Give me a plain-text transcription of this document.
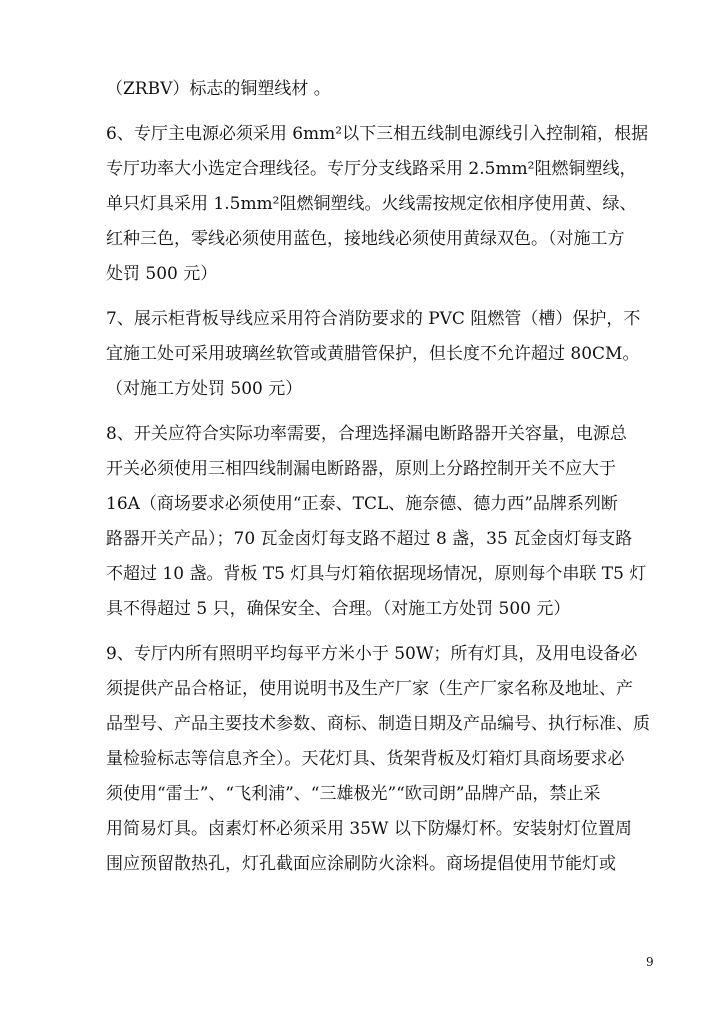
（ZRBV）标志的铜塑线材 。
6、专厅主电源必须采用 6mm²以下三相五线制电源线引入控制箱，根据
专厅功率大小选定合理线径。专厅分支线路采用 2.5mm²阻燃铜塑线，
单只灯具采用 1.5mm²阻燃铜塑线。火线需按规定依相序使用黄、绿、
红种三色，零线必须使用蓝色，接地线必须使用黄绿双色。（对施工方
处罚 500 元）
7、展示柜背板导线应采用符合消防要求的 PVC 阻燃管（槽）保护，不
宜施工处可采用玻璃丝软管或黄腊管保护，但长度不允许超过 80CM。
（对施工方处罚 500 元）
8、开关应符合实际功率需要，合理选择漏电断路器开关容量，电源总
开关必须使用三相四线制漏电断路器，原则上分路控制开关不应大于
16A（商场要求必须使用“正泰、TCL、施奈德、德力西”品牌系列断
路器开关产品）；70 瓦金卤灯每支路不超过 8 盏，35 瓦金卤灯每支路
不超过 10 盏。背板 T5 灯具与灯箱依据现场情况，原则每个串联 T5 灯
具不得超过 5 只，确保安全、合理。（对施工方处罚 500 元）
9、专厅内所有照明平均每平方米小于 50W；所有灯具，及用电设备必
须提供产品合格证，使用说明书及生产厂家（生产厂家名称及地址、产
品型号、产品主要技术参数、商标、制造日期及产品编号、执行标准、质
量检验标志等信息齐全）。天花灯具、货架背板及灯箱灯具商场要求必
须使用“雷士”、“飞利浦”、“三雄极光”“欧司朗”品牌产品，禁止采
用简易灯具。卤素灯杯必须采用 35W 以下防爆灯杯。安装射灯位置周
围应预留散热孔，灯孔截面应涂刷防火涂料。商场提倡使用节能灯或
9
